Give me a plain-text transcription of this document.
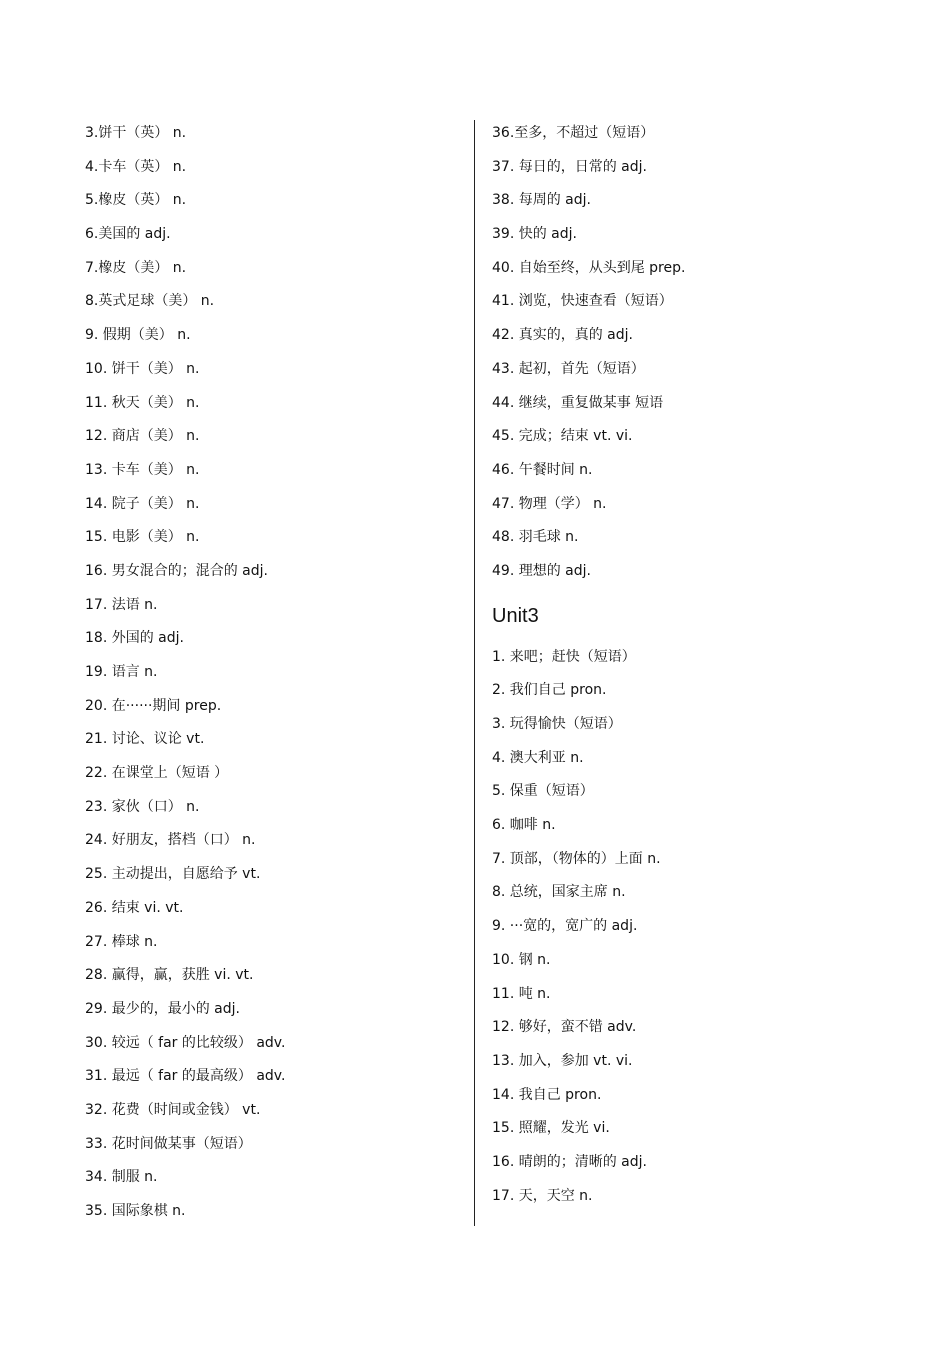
3.饼干（英） n.
4.卡车（英） n.
5.橡皮（英） n.
6.美国的 adj.
7.橡皮（美） n.
8.英式足球（美） n.
9. 假期（美） n.
10. 饼干（美） n.
11. 秋天（美） n.
12. 商店（美） n.
13. 卡车（美） n.
14. 院子（美） n.
15. 电影（美） n.
16. 男女混合的；混合的 adj.
17. 法语 n.
18. 外国的 adj.
19. 语言 n.
20. 在······期间 prep.
21. 讨论、议论 vt.
22. 在课堂上（短语 ）
23. 家伙（口） n.
24. 好朋友，搭档（口） n.
25. 主动提出，自愿给予 vt.
26. 结束 vi. vt.
27. 棒球 n.
28. 赢得，赢，获胜 vi. vt.
29. 最少的，最小的 adj.
30. 较远（ far 的比较级） adv.
31. 最远（ far 的最高级） adv.
32. 花费（时间或金钱） vt.
33. 花时间做某事（短语）
34. 制服 n.
35. 国际象棋 n.
36.至多，不超过（短语）
37. 每日的，日常的 adj.
38. 每周的 adj.
39. 快的 adj.
40. 自始至终，从头到尾 prep.
41. 浏览，快速查看（短语）
42. 真实的，真的 adj.
43. 起初，首先（短语）
44. 继续，重复做某事 短语
45. 完成；结束 vt. vi.
46. 午餐时间 n.
47. 物理（学） n.
48. 羽毛球 n.
49. 理想的 adj.
Unit3
1. 来吧；赶快（短语）
2. 我们自己 pron.
3. 玩得愉快（短语）
4. 澳大利亚 n.
5. 保重（短语）
6. 咖啡 n.
7. 顶部，（物体的）上面 n.
8. 总统，国家主席 n.
9. ···宽的，宽广的 adj.
10. 钢 n.
11. 吨 n.
12. 够好，蛮不错 adv.
13. 加入，参加 vt. vi.
14. 我自己 pron.
15. 照耀，发光 vi.
16. 晴朗的；清晰的 adj.
17. 天，天空 n.
